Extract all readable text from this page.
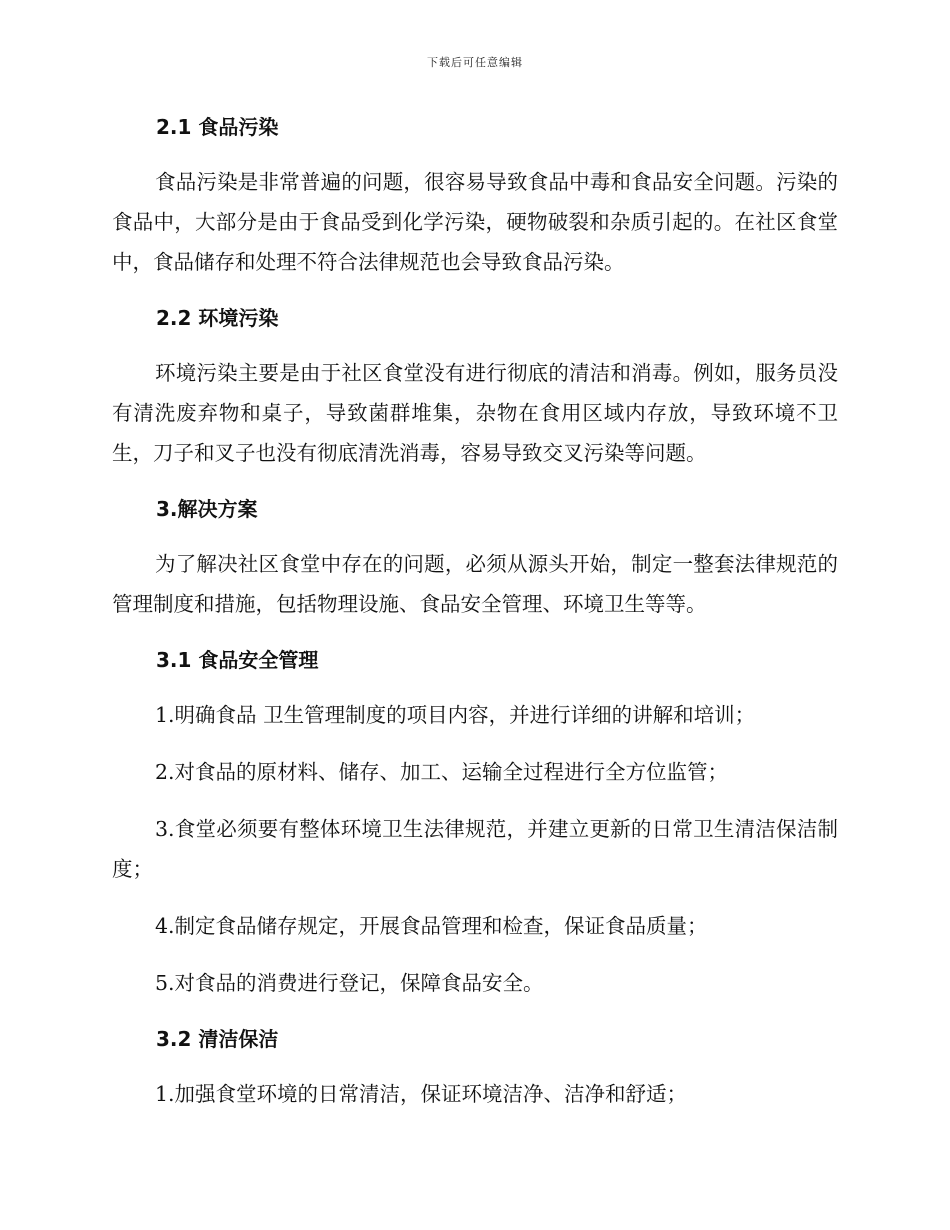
下载后可任意编辑
2.1 食品污染

食品污染是非常普遍的问题，很容易导致食品中毒和食品安全问题。污染的食品中，大部分是由于食品受到化学污染，硬物破裂和杂质引起的。在社区食堂中，食品储存和处理不符合法律规范也会导致食品污染。

2.2 环境污染

环境污染主要是由于社区食堂没有进行彻底的清洁和消毒。例如，服务员没有清洗废弃物和桌子，导致菌群堆集，杂物在食用区域内存放，导致环境不卫生，刀子和叉子也没有彻底清洗消毒，容易导致交叉污染等问题。

3.解决方案

为了解决社区食堂中存在的问题，必须从源头开始，制定一整套法律规范的管理制度和措施，包括物理设施、食品安全管理、环境卫生等等。

3.1 食品安全管理

1.明确食品 卫生管理制度的项目内容，并进行详细的讲解和培训；

2.对食品的原材料、储存、加工、运输全过程进行全方位监管；

3.食堂必须要有整体环境卫生法律规范，并建立更新的日常卫生清洁保洁制度；

4.制定食品储存规定，开展食品管理和检查，保证食品质量；

5.对食品的消费进行登记，保障食品安全。

3.2 清洁保洁

1.加强食堂环境的日常清洁，保证环境洁净、洁净和舒适；
